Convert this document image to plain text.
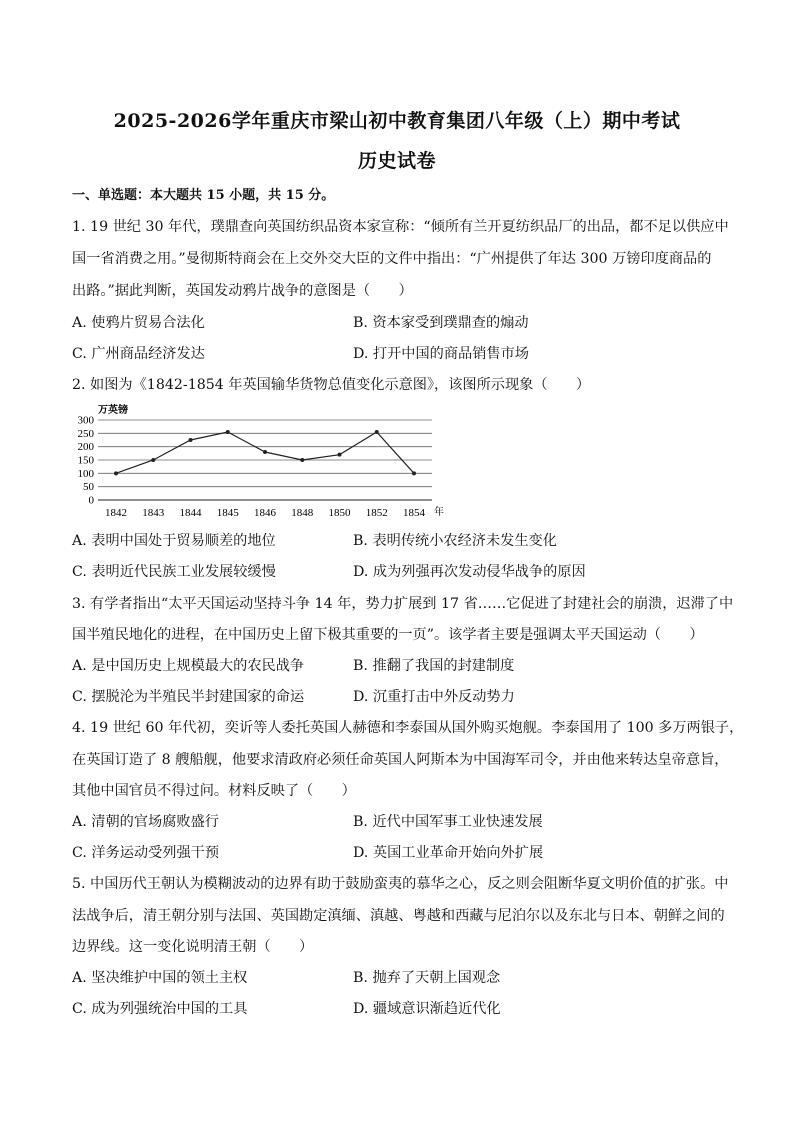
2025-2026学年重庆市梁山初中教育集团八年级（上）期中考试
历史试卷
一、单选题：本大题共 15 小题，共 15 分。
1. 19 世纪 30 年代，璞鼎查向英国纺织品资本家宣称：“倾所有兰开夏纺织品厂的出品，都不足以供应中
国一省消费之用。”曼彻斯特商会在上交外交大臣的文件中指出：“广州提供了年达 300 万镑印度商品的
出路。”据此判断，英国发动鸦片战争的意图是（　　）
A. 使鸦片贸易合法化	B. 资本家受到璞鼎查的煽动
C. 广州商品经济发达	D. 打开中国的商品销售市场
2. 如图为《1842-1854 年英国输华货物总值变化示意图》，该图所示现象（　　）
万英镑
0
50
100
150
200
250
300
1842 1843 1844 1845 1846 1848 1850 1852 1854 年
A. 表明中国处于贸易顺差的地位	B. 表明传统小农经济未发生变化
C. 表明近代民族工业发展较缓慢	D. 成为列强再次发动侵华战争的原因
3. 有学者指出“太平天国运动坚持斗争 14 年，势力扩展到 17 省……它促进了封建社会的崩溃，迟滞了中
国半殖民地化的进程，在中国历史上留下极其重要的一页”。该学者主要是强调太平天国运动（　　）
A. 是中国历史上规模最大的农民战争	B. 推翻了我国的封建制度
C. 摆脱沦为半殖民半封建国家的命运	D. 沉重打击中外反动势力
4. 19 世纪 60 年代初，奕䜣等人委托英国人赫德和李泰国从国外购买炮舰。李泰国用了 100 多万两银子，
在英国订造了 8 艘船舰，他要求清政府必须任命英国人阿斯本为中国海军司令，并由他来转达皇帝意旨，
其他中国官员不得过问。材料反映了（　　）
A. 清朝的官场腐败盛行	B. 近代中国军事工业快速发展
C. 洋务运动受列强干预	D. 英国工业革命开始向外扩展
5. 中国历代王朝认为模糊波动的边界有助于鼓励蛮夷的慕华之心，反之则会阻断华夏文明价值的扩张。中
法战争后，清王朝分别与法国、英国勘定滇缅、滇越、粤越和西藏与尼泊尔以及东北与日本、朝鲜之间的
边界线。这一变化说明清王朝（　　）
A. 坚决维护中国的领土主权	B. 抛弃了天朝上国观念
C. 成为列强统治中国的工具	D. 疆域意识渐趋近代化
